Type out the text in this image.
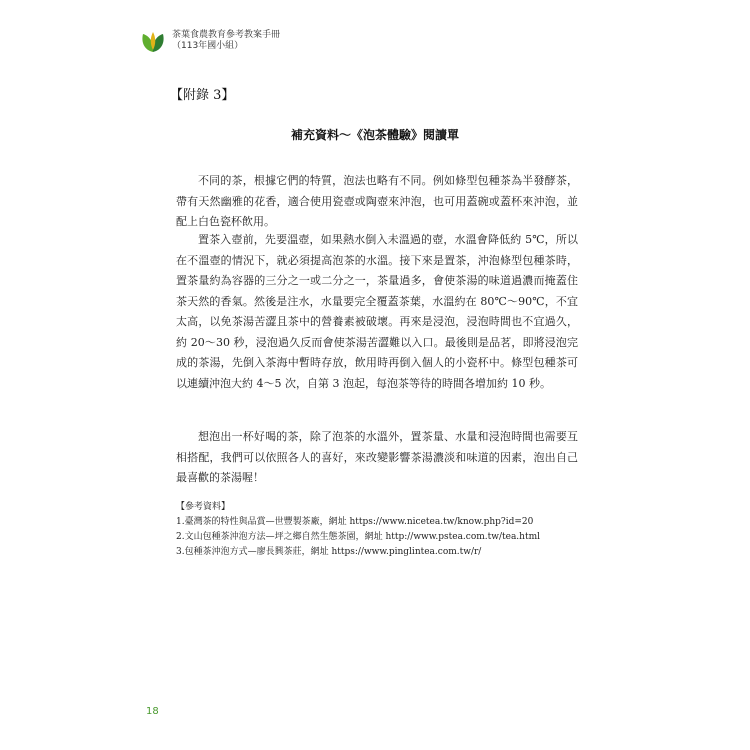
茶葉食農教育參考教案手冊
（113年國小組）
【附錄 3】
補充資料～《泡茶體驗》閱讀單

不同的茶，根據它們的特質，泡法也略有不同。例如條型包種茶為半發酵茶，帶有天然幽雅的花香，適合使用瓷壺或陶壺來沖泡，也可用蓋碗或蓋杯來沖泡，並配上白色瓷杯飲用。

置茶入壺前，先要溫壺，如果熱水倒入未溫過的壺，水溫會降低約 5℃，所以在不溫壺的情況下，就必須提高泡茶的水溫。接下來是置茶，沖泡條型包種茶時，置茶量約為容器的三分之一或二分之一，茶量過多，會使茶湯的味道過濃而掩蓋住茶天然的香氣。然後是注水，水量要完全覆蓋茶葉，水溫約在 80℃～90℃，不宜太高，以免茶湯苦澀且茶中的營養素被破壞。再來是浸泡，浸泡時間也不宜過久，約 20～30 秒，浸泡過久反而會使茶湯苦澀難以入口。最後則是品茗，即將浸泡完成的茶湯，先倒入茶海中暫時存放，飲用時再倒入個人的小瓷杯中。條型包種茶可以連續沖泡大約 4～5 次，自第 3 泡起，每泡茶等待的時間各增加約 10 秒。

想泡出一杯好喝的茶，除了泡茶的水溫外，置茶量、水量和浸泡時間也需要互相搭配，我們可以依照各人的喜好，來改變影響茶湯濃淡和味道的因素，泡出自己最喜歡的茶湯喔！

【參考資料】
1.臺灣茶的特性與品賞—世豐製茶廠，網址 https://www.nicetea.tw/know.php?id=20
2.文山包種茶沖泡方法—坪之鄉自然生態茶園，網址 http://www.pstea.com.tw/tea.html
3.包種茶沖泡方式—廖長興茶莊，網址 https://www.pinglintea.com.tw/r/
18
